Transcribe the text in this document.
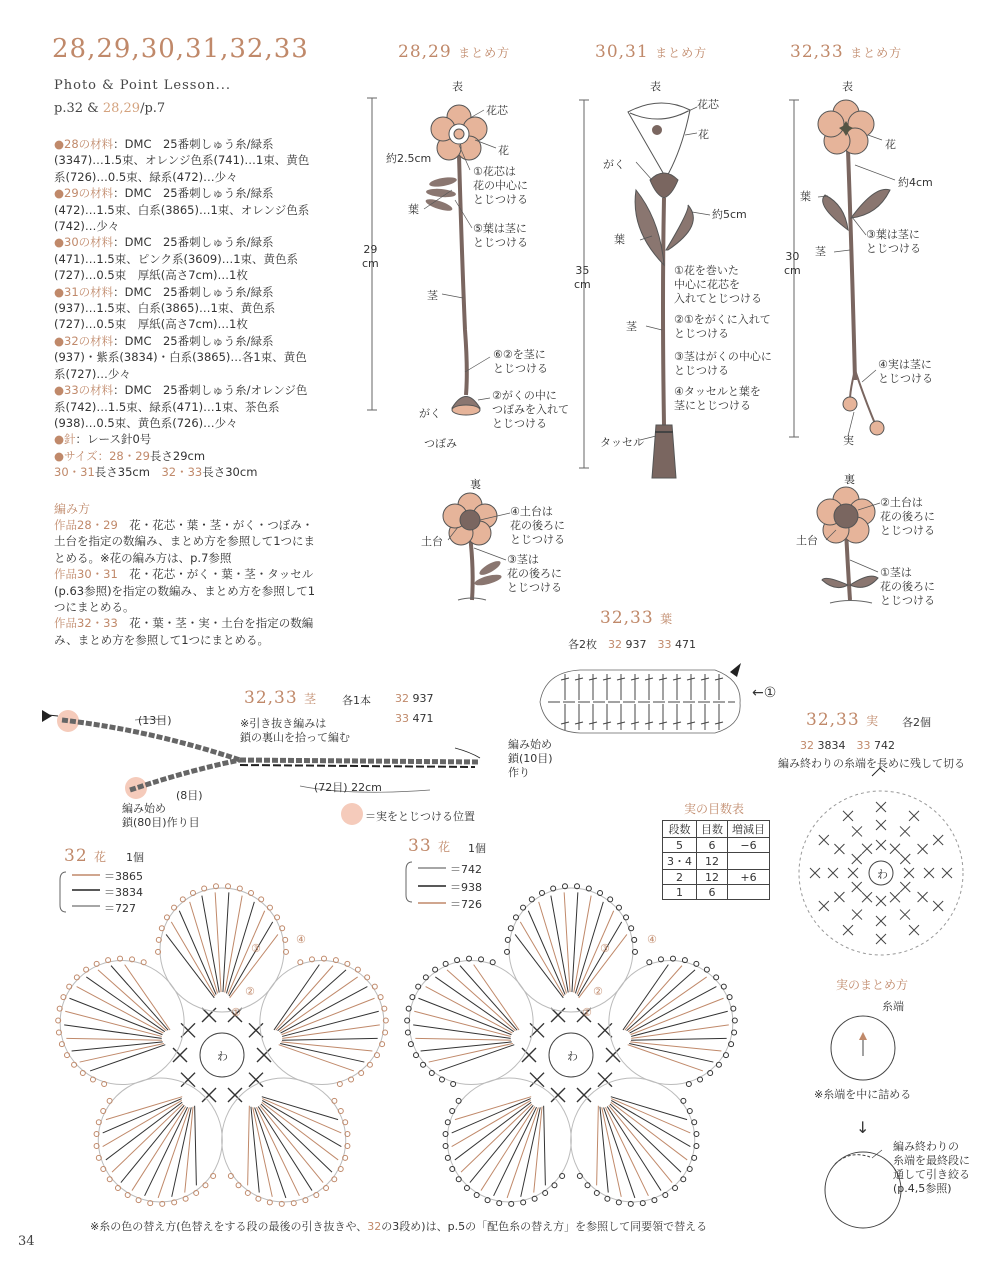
28,29,30,31,32,33
Photo & Point Lesson...
p.32 & 28,29/p.7

●28の材料：DMC　25番刺しゅう糸/緑系(3347)…1.5束、オレンジ色系(741)…1束、黄色系(726)…0.5束、緑系(472)…少々

●29の材料：DMC　25番刺しゅう糸/緑系(472)…1.5束、白系(3865)…1束、オレンジ色系(742)…少々

●30の材料：DMC　25番刺しゅう糸/緑系(471)…1.5束、ピンク系(3609)…1束、黄色系(727)…0.5束　厚紙(高さ7cm)…1枚

●31の材料：DMC　25番刺しゅう糸/緑系(937)…1.5束、白系(3865)…1束、黄色系(727)…0.5束　厚紙(高さ7cm)…1枚

●32の材料：DMC　25番刺しゅう糸/緑系(937)・紫系(3834)・白系(3865)…各1束、黄色系(727)…少々

●33の材料：DMC　25番刺しゅう糸/オレンジ色系(742)…1.5束、緑系(471)…1束、茶色系(938)…0.5束、黄色系(726)…少々

●針：レース針0号

●サイズ：28・29長さ29cm

30・31長さ35cm　32・33長さ30cm

編み方

作品28・29　花・花芯・葉・茎・がく・つぼみ・土台を指定の数編み、まとめ方を参照して1つにまとめる。※花の編み方は、p.7参照

作品30・31　花・花芯・がく・葉・茎・タッセル(p.63参照)を指定の数編み、まとめ方を参照して1つにまとめる。

作品32・33　花・葉・茎・実・土台を指定の数編み、まとめ方を参照して1つにまとめる。

28,29 まとめ方
表
花芯
花
約2.5cm
葉
茎
29
cm
がく
つぼみ
①花芯は
花の中心に
とじつける
⑤葉は茎に
とじつける
⑥②を茎に
とじつける
②がくの中に
つぼみを入れて
とじつける
裏
土台
④土台は
花の後ろに
とじつける
③茎は
花の後ろに
とじつける
30,31 まとめ方
表
花芯
花
がく
約5cm
葉
35
cm
茎
タッセル
①花を巻いた
中心に花芯を
入れてとじつける
②①をがくに入れて
とじつける
③茎はがくの中心に
とじつける
④タッセルと葉を
茎にとじつける
32,33 まとめ方
表
花
約4cm
葉
茎
30
cm
実
③葉は茎に
とじつける
④実は茎に
とじつける
裏
土台
②土台は
花の後ろに
とじつける
①茎は
花の後ろに
とじつける
32,33 葉
各2枚　 32 937　 33 471
編み始め
鎖(10目)
作り
←①
32,33 茎 各1本 32 937
33 471
※引き抜き編みは
鎖の裏山を拾って編む
(13目)
(8目)
(72目) 22cm
編み始め
鎖(80目)作り目	＝実をとじつける位置
32,33 実 各2個
32 3834　 33 742
編み終わりの糸端を長めに残して切る
わ
実の目数表
段数	目数	増減目
5	6	−6
3・4	12	
2	12	+6
1	6	
実のまとめ方
糸端
※糸端を中に詰める
↓
編み終わりの
糸端を最終段に
通して引き絞る
(p.4,5参照)
32 花 1個
＝3865
＝3834
＝727
わ
①
②
③
④
33 花 1個
＝742
＝938
＝726
わ
①
②
③
④
※糸の色の替え方(色替えをする段の最後の引き抜きや、32の3段め)は、p.5の「配色糸の替え方」を参照して同要領で替える
34
